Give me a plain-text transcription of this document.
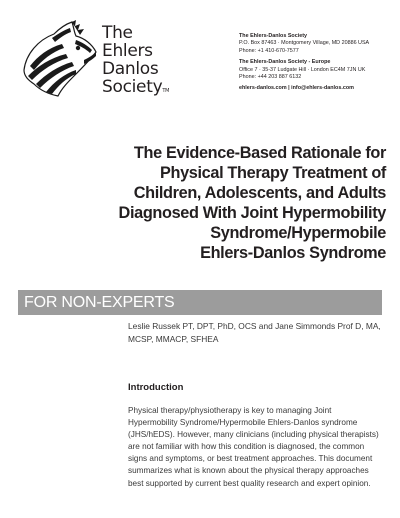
The
Ehlers
Danlos
SocietyTM
The Ehlers-Danlos Society
P.O. Box 87463 · Montgomery Village, MD 20886 USA
Phone: +1 410-670-7577
The Ehlers-Danlos Society - Europe
Office 7 · 35-37 Ludgate Hill · London EC4M 7JN UK
Phone: +44 203 887 6132
ehlers-danlos.com | info@ehlers-danlos.com
The Evidence-Based Rationale for
Physical Therapy Treatment of
Children, Adolescents, and Adults
Diagnosed With Joint Hypermobility
Syndrome/Hypermobile
Ehlers-Danlos Syndrome
FOR NON-EXPERTS
Leslie Russek PT, DPT, PhD, OCS and Jane Simmonds Prof D, MA,
MCSP, MMACP, SFHEA
Introduction
Physical therapy/physiotherapy is key to managing Joint
Hypermobility Syndrome/Hypermobile Ehlers-Danlos syndrome
(JHS/hEDS). However, many clinicians (including physical therapists)
are not familiar with how this condition is diagnosed, the common
signs and symptoms, or best treatment approaches. This document
summarizes what is known about the physical therapy approaches
best supported by current best quality research and expert opinion.
